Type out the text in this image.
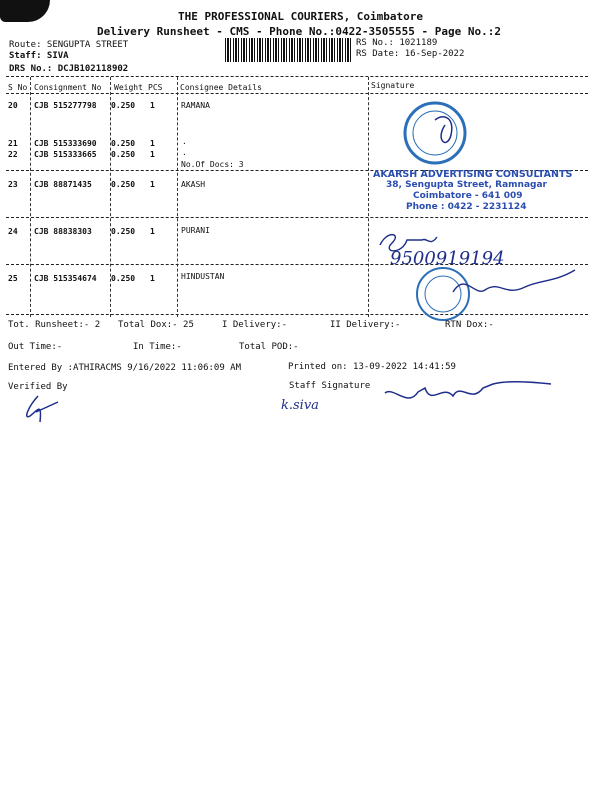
THE PROFESSIONAL COURIERS, Coimbatore
Delivery Runsheet - CMS - Phone No.:0422-3505555 - Page No.:2
Route: SENGUPTA STREET
Staff: SIVA
DRS No.: DCJB102118902
RS No.: 1021189
RS Date: 16-Sep-2022
S No Consignment No Weight PCS Consignee Details	Signature
20 CJB 515277798 0.250 1	RAMANA
21 CJB 515333690 0.250 1	.
22 CJB 515333665 0.250 1	.
No.Of Docs: 3
23 CJB 88871435 0.250 1	AKASH
24 CJB 88838303 0.250 1	PURANI
25 CJB 515354674 0.250 1	HINDUSTAN
AKARSH ADVERTISING CONSULTANTS
38, Sengupta Street, Ramnagar
Coimbatore - 641 009
Phone : 0422 - 2231124
9500919194
Tot. Runsheet:- 2 Total Dox:- 25	I Delivery:-	II Delivery:-	RTN Dox:-
Out Time:-	In Time:-	Total POD:-
Entered By :ATHIRACMS 9/16/2022 11:06:09 AM	Printed on: 13-09-2022 14:41:59
Verified By	Staff Signature
k.siva
